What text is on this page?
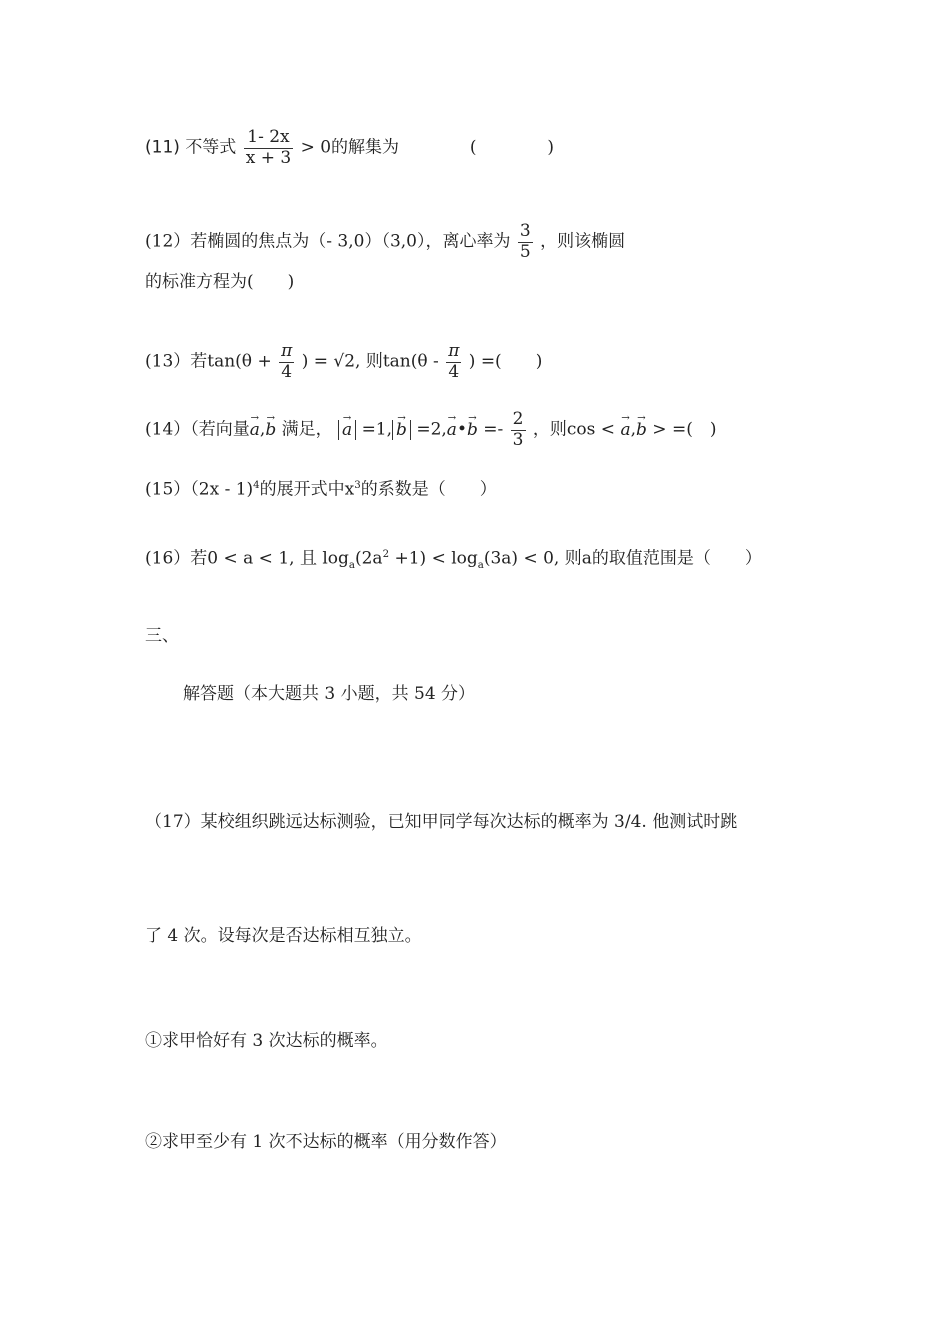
(11) 不等式 $\frac{1- 2x}{x + 3} > 0$的解集为	(	)
(12）若椭圆的焦点为（- 3,0）（3,0），离心率为 $\frac{3}{5}$ ，则该椭圆
的标准方程为(　　)
(13）若$\tan(\theta + \frac{\pi}{4}$ ) = √2, 则$\tan(\theta - \frac{\pi}{4}$ ) =(　　)
(14）（若向量→ a,→ b 满足， → a =1, → b =2,→ a•→ $b =- \frac{2}{3}$ ，则cos < → a,→ b > =(　)
(15）（2x - 1)$^4$的展开式中$x^3$的系数是（　　）
(16）若0 < a < 1, 且 $\log_a(2a^2 +1) < \log_a(3a) < 0$, 则a的取值范围是（　　）
三、
解答题（本大题共 3 小题，共 54 分）
（17）某校组织跳远达标测验，已知甲同学每次达标的概率为 3/4. 他测试时跳
了 4 次。设每次是否达标相互独立。
①求甲恰好有 3 次达标的概率。
②求甲至少有 1 次不达标的概率（用分数作答）
